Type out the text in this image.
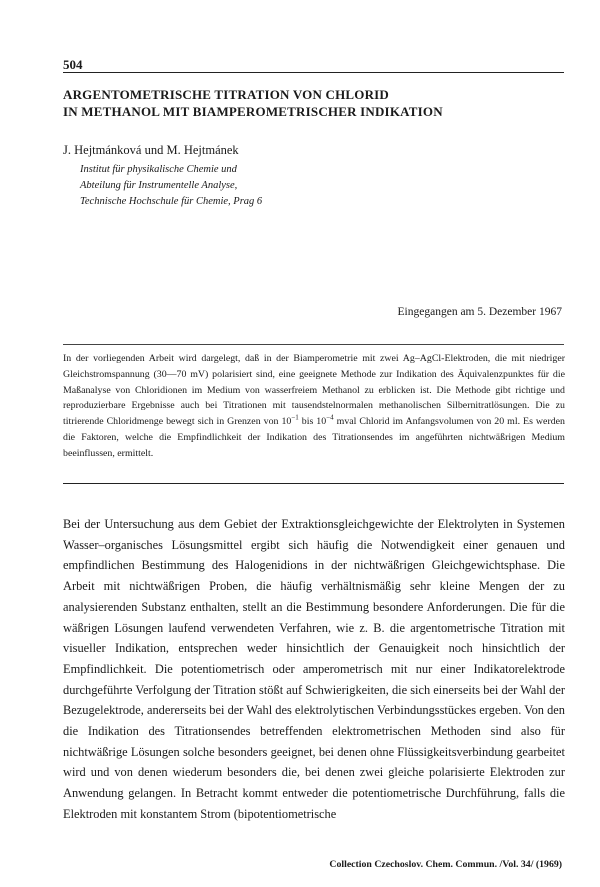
504
ARGENTOMETRISCHE TITRATION VON CHLORID
IN METHANOL MIT BIAMPEROMETRISCHER INDIKATION
J. Hejtmánková und M. Hejtmánek
Institut für physikalische Chemie und
Abteilung für Instrumentelle Analyse,
Technische Hochschule für Chemie, Prag 6
Eingegangen am 5. Dezember 1967

In der vorliegenden Arbeit wird dargelegt, daß in der Biamperometrie mit zwei Ag–AgCl-Elektroden, die mit niedriger Gleichstromspannung (30—70 mV) polarisiert sind, eine geeignete Methode zur Indikation des Äquivalenzpunktes für die Maßanalyse von Chloridionen im Medium von wasserfreiem Methanol zu erblicken ist. Die Methode gibt richtige und reproduzierbare Ergebnisse auch bei Titrationen mit tausendstelnormalen methanolischen Silbernitratlösungen. Die zu titrierende Chloridmenge bewegt sich in Grenzen von $10^{-1}$ bis $10^{-4}$ mval Chlorid im Anfangsvolumen von 20 ml. Es werden die Faktoren, welche die Empfindlichkeit der Indikation des Titrationsendes im angeführten nichtwäßrigen Medium beeinflussen, ermittelt.

Bei der Untersuchung aus dem Gebiet der Extraktionsgleichgewichte der Elektrolyten in Systemen Wasser–organisches Lösungsmittel ergibt sich häufig die Notwendigkeit einer genauen und empfindlichen Bestimmung des Halogenidions in der nichtwäßrigen Gleichgewichtsphase. Die Arbeit mit nichtwäßrigen Proben, die häufig verhältnismäßig sehr kleine Mengen der zu analysierenden Substanz enthalten, stellt an die Bestimmung besondere Anforderungen. Die für die wäßrigen Lösungen laufend verwendeten Verfahren, wie z. B. die argentometrische Titration mit visueller Indikation, entsprechen weder hinsichtlich der Genauigkeit noch hinsichtlich der Empfindlichkeit. Die potentiometrisch oder amperometrisch mit nur einer Indikatorelektrode durchgeführte Verfolgung der Titration stößt auf Schwierigkeiten, die sich einerseits bei der Wahl der Bezugelektrode, andererseits bei der Wahl des elektrolytischen Verbindungsstückes ergeben. Von den die Indikation des Titrationsendes betreffenden elektrometrischen Methoden sind also für nichtwäßrige Lösungen solche besonders geeignet, bei denen ohne Flüssigkeitsverbindung gearbeitet wird und von denen wiederum besonders die, bei denen zwei gleiche polarisierte Elektroden zur Anwendung gelangen. In Betracht kommt entweder die potentiometrische Durchführung, falls die Elektroden mit konstantem Strom (bipotentiometrische

Collection Czechoslov. Chem. Commun. /Vol. 34/ (1969)
